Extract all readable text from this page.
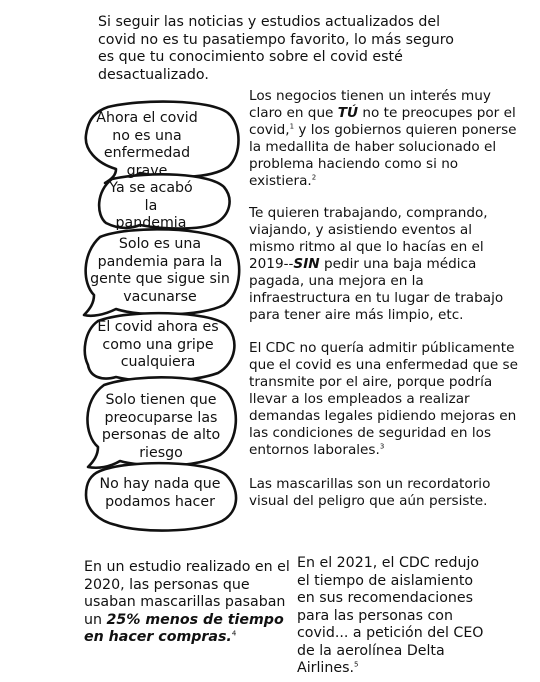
Si seguir las noticias y estudios actualizados del covid no es tu pasatiempo favorito, lo más seguro es que tu conocimiento sobre el covid esté desactualizado.

Ahora el covid no es una enfermedad grave

Ya se acabó la pandemia

Solo es una pandemia para la gente que sigue sin vacunarse

El covid ahora es como una gripe cualquiera

Solo tienen que preocuparse las personas de alto riesgo

No hay nada que podamos hacer

Los negocios tienen un interés muy claro en que TÚ no te preocupes por el covid,$^1$ y los gobiernos quieren ponerse la medallita de haber solucionado el problema haciendo como si no existiera.$^2$

Te quieren trabajando, comprando, viajando, y asistiendo eventos al mismo ritmo al que lo hacías en el 2019--SIN pedir una baja médica pagada, una mejora en la infraestructura en tu lugar de trabajo para tener aire más limpio, etc.

El CDC no quería admitir públicamente que el covid es una enfermedad que se transmite por el aire, porque podría llevar a los empleados a realizar demandas legales pidiendo mejoras en las condiciones de seguridad en los entornos laborales.$^3$

Las mascarillas son un recordatorio visual del peligro que aún persiste.

En un estudio realizado en el 2020, las personas que usaban mascarillas pasaban un 25% menos de tiempo en hacer compras.$^4$

En el 2021, el CDC redujo el tiempo de aislamiento en sus recomendaciones para las personas con covid... a petición del CEO de la aerolínea Delta Airlines.$^5$
